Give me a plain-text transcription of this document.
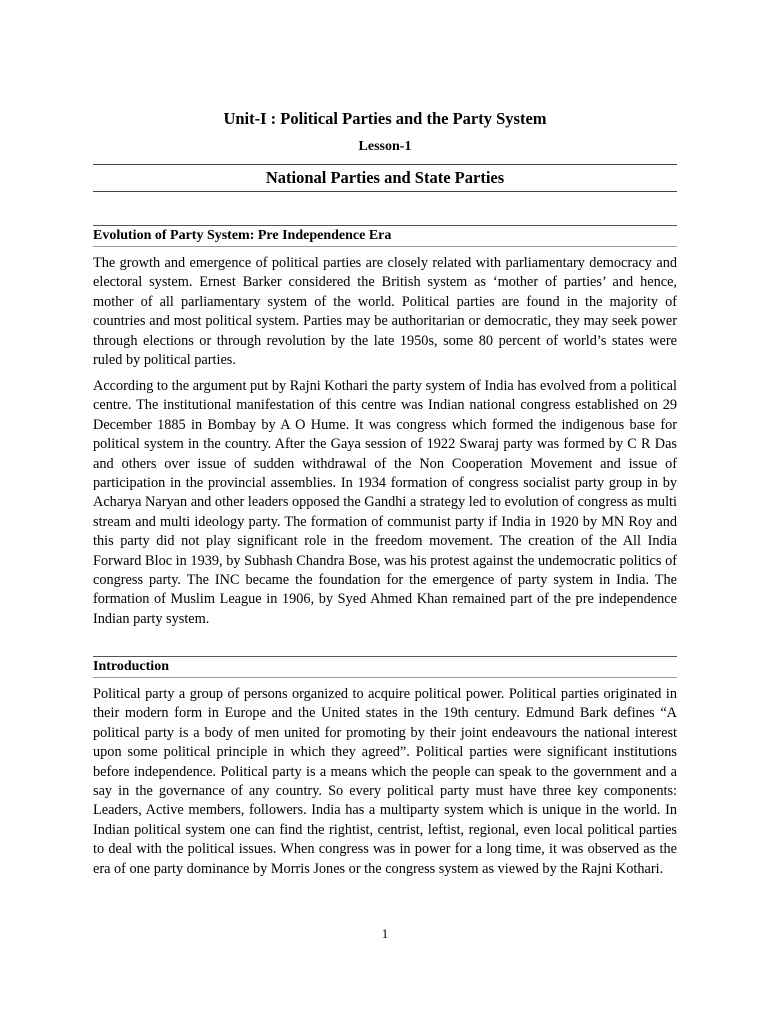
Unit-I : Political Parties and the Party System
Lesson-1
National Parties and State Parties
Evolution of Party System: Pre Independence Era

The growth and emergence of political parties are closely related with parliamentary democracy and electoral system. Ernest Barker considered the British system as ‘mother of parties’ and hence, mother of all parliamentary system of the world. Political parties are found in the majority of countries and most political system. Parties may be authoritarian or democratic, they may seek power through elections or through revolution by the late 1950s, some 80 percent of world’s states were ruled by political parties.

According to the argument put by Rajni Kothari the party system of India has evolved from a political centre. The institutional manifestation of this centre was Indian national congress established on 29 December 1885 in Bombay by A O Hume. It was congress which formed the indigenous base for political system in the country. After the Gaya session of 1922 Swaraj party was formed by C R Das and others over issue of sudden withdrawal of the Non Cooperation Movement and issue of participation in the provincial assemblies. In 1934 formation of congress socialist party group in by Acharya Naryan and other leaders opposed the Gandhi a strategy led to evolution of congress as multi stream and multi ideology party. The formation of communist party if India in 1920 by MN Roy and this party did not play significant role in the freedom movement. The creation of the All India Forward Bloc in 1939, by Subhash Chandra Bose, was his protest against the undemocratic politics of congress party. The INC became the foundation for the emergence of party system in India. The formation of Muslim League in 1906, by Syed Ahmed Khan remained part of the pre independence Indian party system.

Introduction

Political party a group of persons organized to acquire political power. Political parties originated in their modern form in Europe and the United states in the 19th century. Edmund Bark defines “A political party is a body of men united for promoting by their joint endeavours the national interest upon some political principle in which they agreed”. Political parties were significant institutions before independence. Political party is a means which the people can speak to the government and a say in the governance of any country. So every political party must have three key components: Leaders, Active members, followers. India has a multiparty system which is unique in the world. In Indian political system one can find the rightist, centrist, leftist, regional, even local political parties to deal with the political issues. When congress was in power for a long time, it was observed as the era of one party dominance by Morris Jones or the congress system as viewed by the Rajni Kothari.

1
